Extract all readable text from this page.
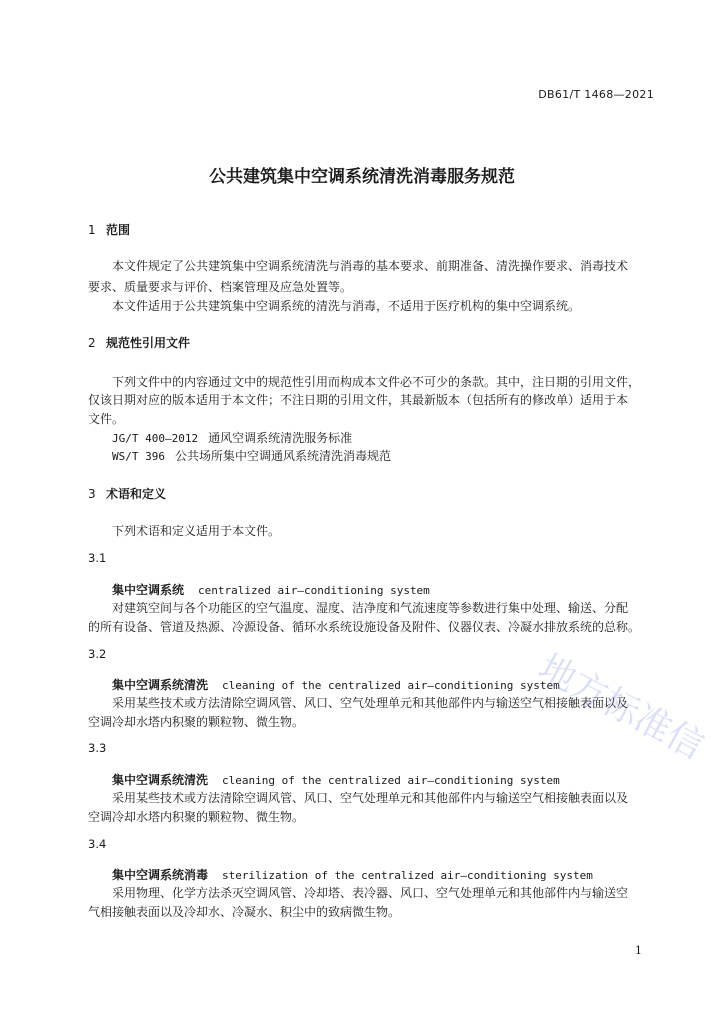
DB61/T 1468—2021
公共建筑集中空调系统清洗消毒服务规范
1 范围
本文件规定了公共建筑集中空调系统清洗与消毒的基本要求、前期准备、清洗操作要求、消毒技术
要求、质量要求与评价、档案管理及应急处置等。
本文件适用于公共建筑集中空调系统的清洗与消毒，不适用于医疗机构的集中空调系统。
2 规范性引用文件
下列文件中的内容通过文中的规范性引用而构成本文件必不可少的条款。其中，注日期的引用文件，
仅该日期对应的版本适用于本文件；不注日期的引用文件，其最新版本（包括所有的修改单）适用于本
文件。
JG/T 400—2012 通风空调系统清洗服务标准
WS/T 396 公共场所集中空调通风系统清洗消毒规范
3 术语和定义
下列术语和定义适用于本文件。
3.1
集中空调系统 centralized air—conditioning system
对建筑空间与各个功能区的空气温度、湿度、洁净度和气流速度等参数进行集中处理、输送、分配
的所有设备、管道及热源、冷源设备、循环水系统设施设备及附件、仪器仪表、冷凝水排放系统的总称。
3.2
集中空调系统清洗 cleaning of the centralized air—conditioning system
采用某些技术或方法清除空调风管、风口、空气处理单元和其他部件内与输送空气相接触表面以及
空调冷却水塔内积聚的颗粒物、微生物。
3.3
集中空调系统清洗 cleaning of the centralized air—conditioning system
采用某些技术或方法清除空调风管、风口、空气处理单元和其他部件内与输送空气相接触表面以及
空调冷却水塔内积聚的颗粒物、微生物。
3.4
集中空调系统消毒 sterilization of the centralized air—conditioning system
采用物理、化学方法杀灭空调风管、冷却塔、表冷器、风口、空气处理单元和其他部件内与输送空
气相接触表面以及冷却水、冷凝水、积尘中的致病微生物。
地方标准信
1
